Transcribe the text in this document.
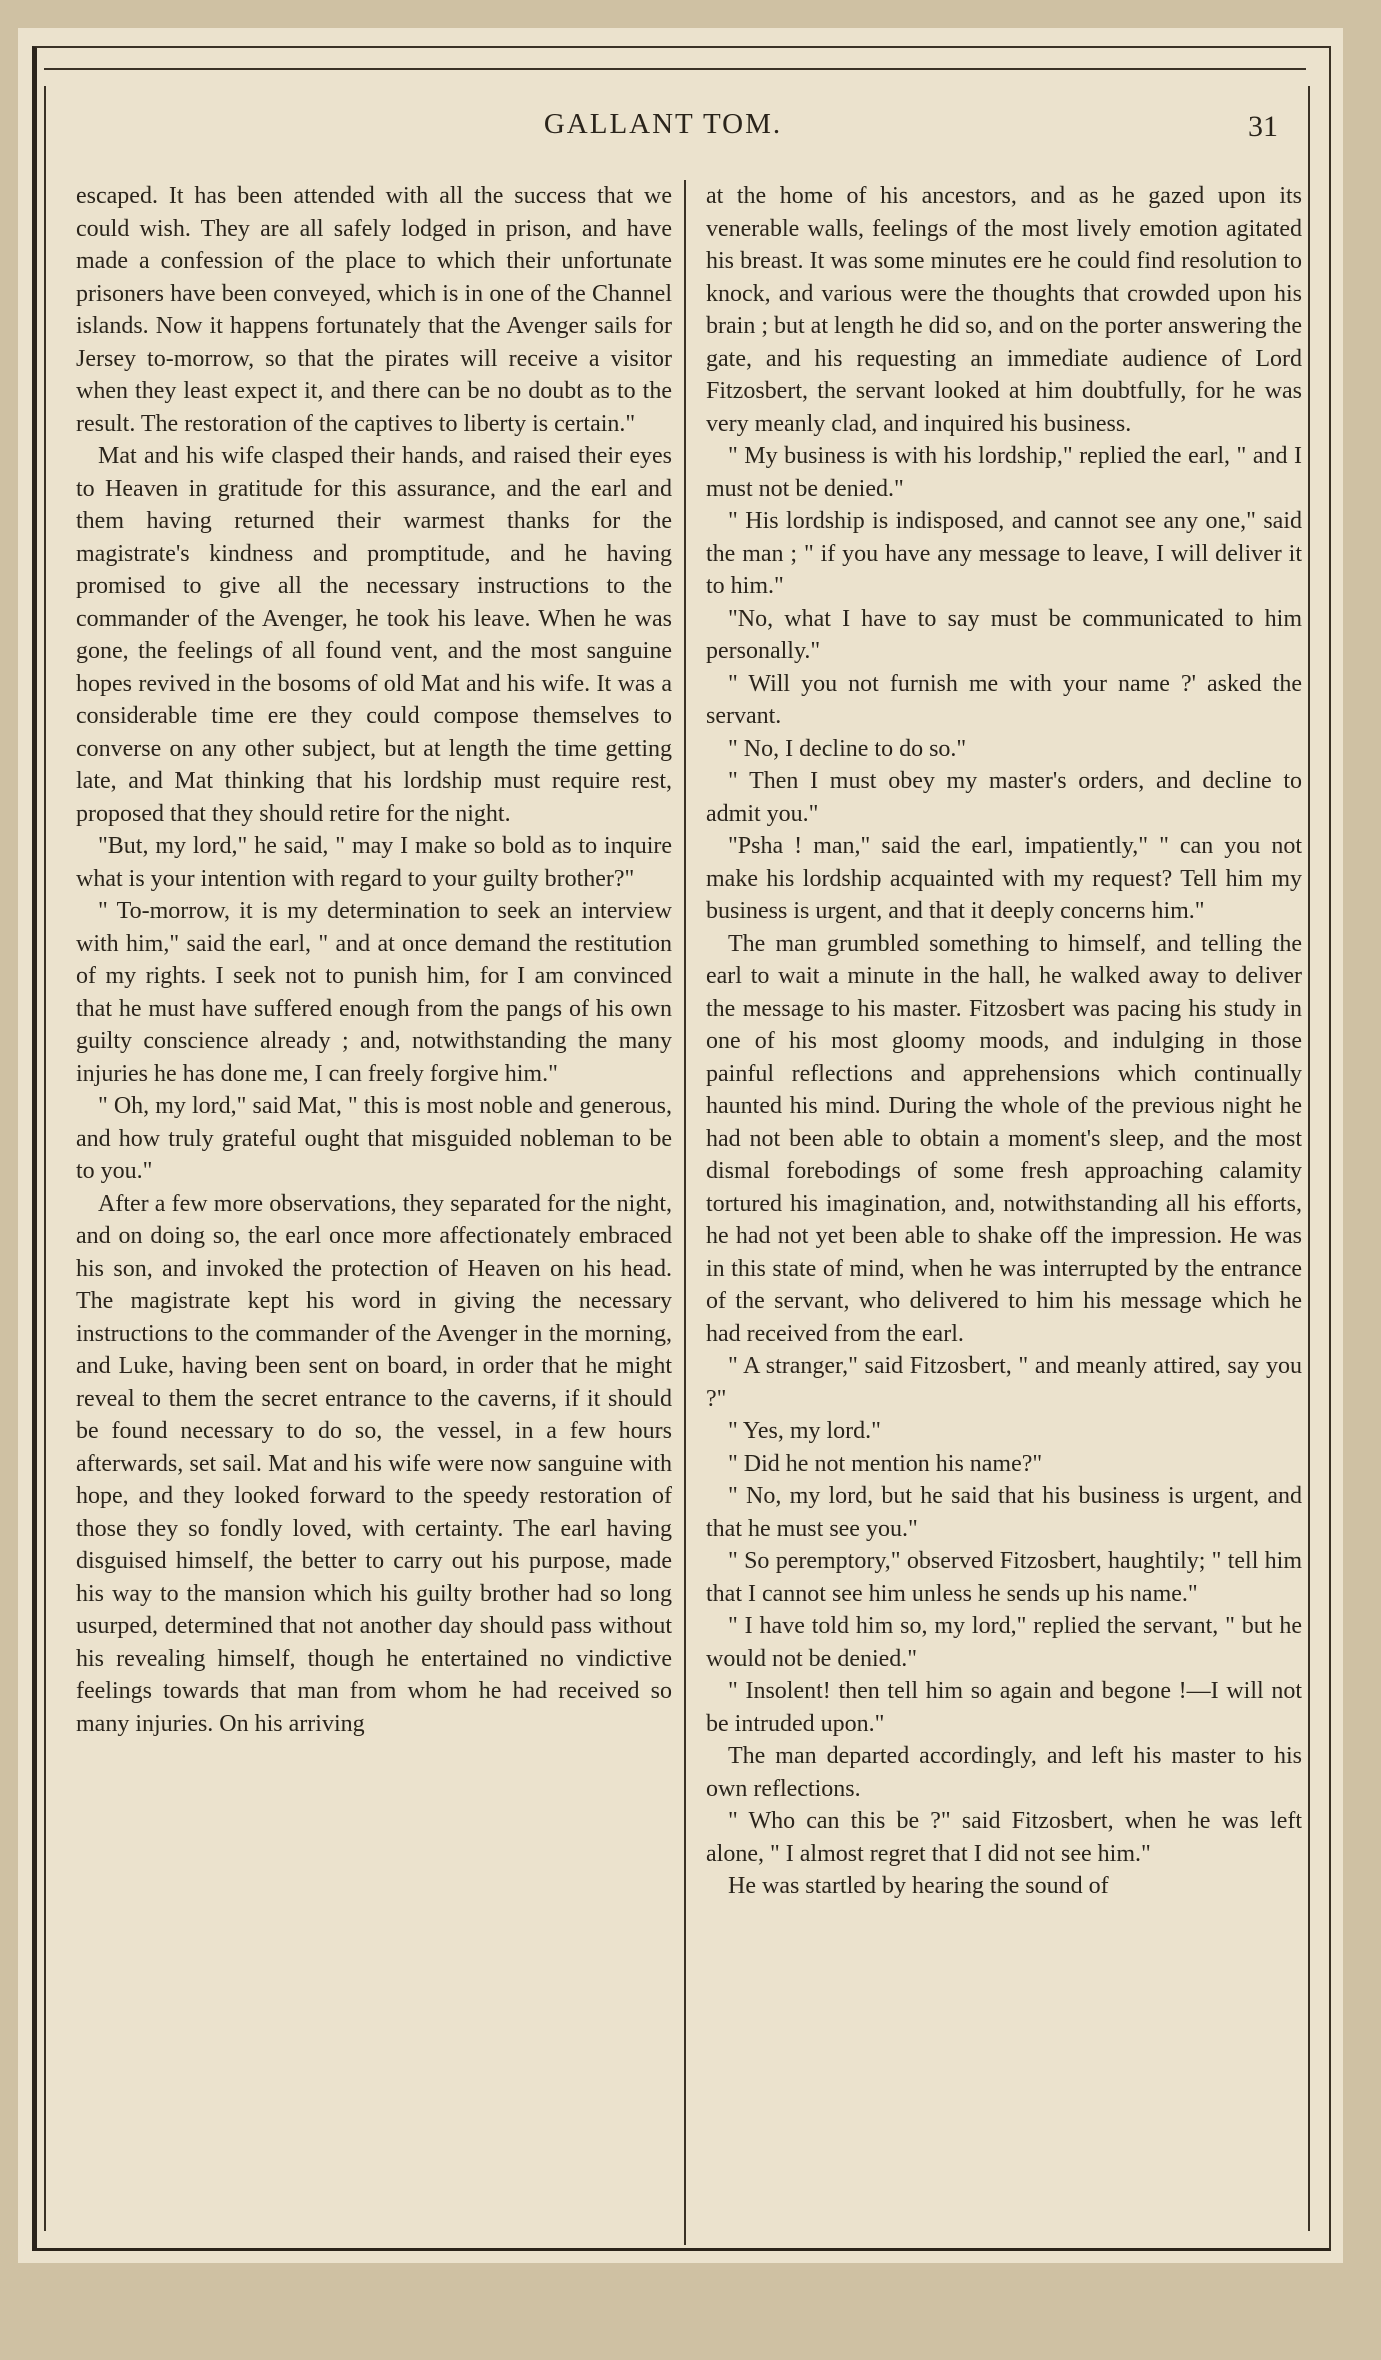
GALLANT TOM.	31

escaped. It has been attended with all the success that we could wish. They are all safely lodged in prison, and have made a confession of the place to which their unfortunate prisoners have been conveyed, which is in one of the Channel islands. Now it happens fortunately that the Avenger sails for Jersey to-morrow, so that the pirates will receive a visitor when they least expect it, and there can be no doubt as to the result. The restoration of the captives to liberty is certain."

Mat and his wife clasped their hands, and raised their eyes to Heaven in gratitude for this assurance, and the earl and them having returned their warmest thanks for the magistrate's kindness and promptitude, and he having promised to give all the necessary instructions to the commander of the Avenger, he took his leave. When he was gone, the feelings of all found vent, and the most sanguine hopes revived in the bosoms of old Mat and his wife. It was a considerable time ere they could compose themselves to converse on any other subject, but at length the time getting late, and Mat thinking that his lordship must require rest, proposed that they should retire for the night.

"But, my lord," he said, " may I make so bold as to inquire what is your intention with regard to your guilty brother?"

" To-morrow, it is my determination to seek an interview with him," said the earl, " and at once demand the restitution of my rights. I seek not to punish him, for I am convinced that he must have suffered enough from the pangs of his own guilty conscience already ; and, notwithstanding the many injuries he has done me, I can freely forgive him."

" Oh, my lord," said Mat, " this is most noble and generous, and how truly grateful ought that misguided nobleman to be to you."

After a few more observations, they separated for the night, and on doing so, the earl once more affectionately embraced his son, and invoked the protection of Heaven on his head. The magistrate kept his word in giving the necessary instructions to the commander of the Avenger in the morning, and Luke, having been sent on board, in order that he might reveal to them the secret entrance to the caverns, if it should be found necessary to do so, the vessel, in a few hours afterwards, set sail. Mat and his wife were now sanguine with hope, and they looked forward to the speedy restoration of those they so fondly loved, with certainty. The earl having disguised himself, the better to carry out his purpose, made his way to the mansion which his guilty brother had so long usurped, determined that not another day should pass without his revealing himself, though he entertained no vindictive feelings towards that man from whom he had received so many injuries. On his arriving

at the home of his ancestors, and as he gazed upon its venerable walls, feelings of the most lively emotion agitated his breast. It was some minutes ere he could find resolution to knock, and various were the thoughts that crowded upon his brain ; but at length he did so, and on the porter answering the gate, and his requesting an immediate audience of Lord Fitzosbert, the servant looked at him doubtfully, for he was very meanly clad, and inquired his business.

" My business is with his lordship," replied the earl, " and I must not be denied."

" His lordship is indisposed, and cannot see any one," said the man ; " if you have any message to leave, I will deliver it to him."

"No, what I have to say must be communicated to him personally."

" Will you not furnish me with your name ?' asked the servant.

" No, I decline to do so."

" Then I must obey my master's orders, and decline to admit you."

"Psha ! man," said the earl, impatiently," " can you not make his lordship acquainted with my request? Tell him my business is urgent, and that it deeply concerns him."

The man grumbled something to himself, and telling the earl to wait a minute in the hall, he walked away to deliver the message to his master. Fitzosbert was pacing his study in one of his most gloomy moods, and indulging in those painful reflections and apprehensions which continually haunted his mind. During the whole of the previous night he had not been able to obtain a moment's sleep, and the most dismal forebodings of some fresh approaching calamity tortured his imagination, and, notwithstanding all his efforts, he had not yet been able to shake off the impression. He was in this state of mind, when he was interrupted by the entrance of the servant, who delivered to him his message which he had received from the earl.

" A stranger," said Fitzosbert, " and meanly attired, say you ?"

" Yes, my lord."

" Did he not mention his name?"

" No, my lord, but he said that his business is urgent, and that he must see you."

" So peremptory," observed Fitzosbert, haughtily; " tell him that I cannot see him unless he sends up his name."

" I have told him so, my lord," replied the servant, " but he would not be denied."

" Insolent! then tell him so again and begone !—I will not be intruded upon."

The man departed accordingly, and left his master to his own reflections.

" Who can this be ?" said Fitzosbert, when he was left alone, " I almost regret that I did not see him."

He was startled by hearing the sound of
